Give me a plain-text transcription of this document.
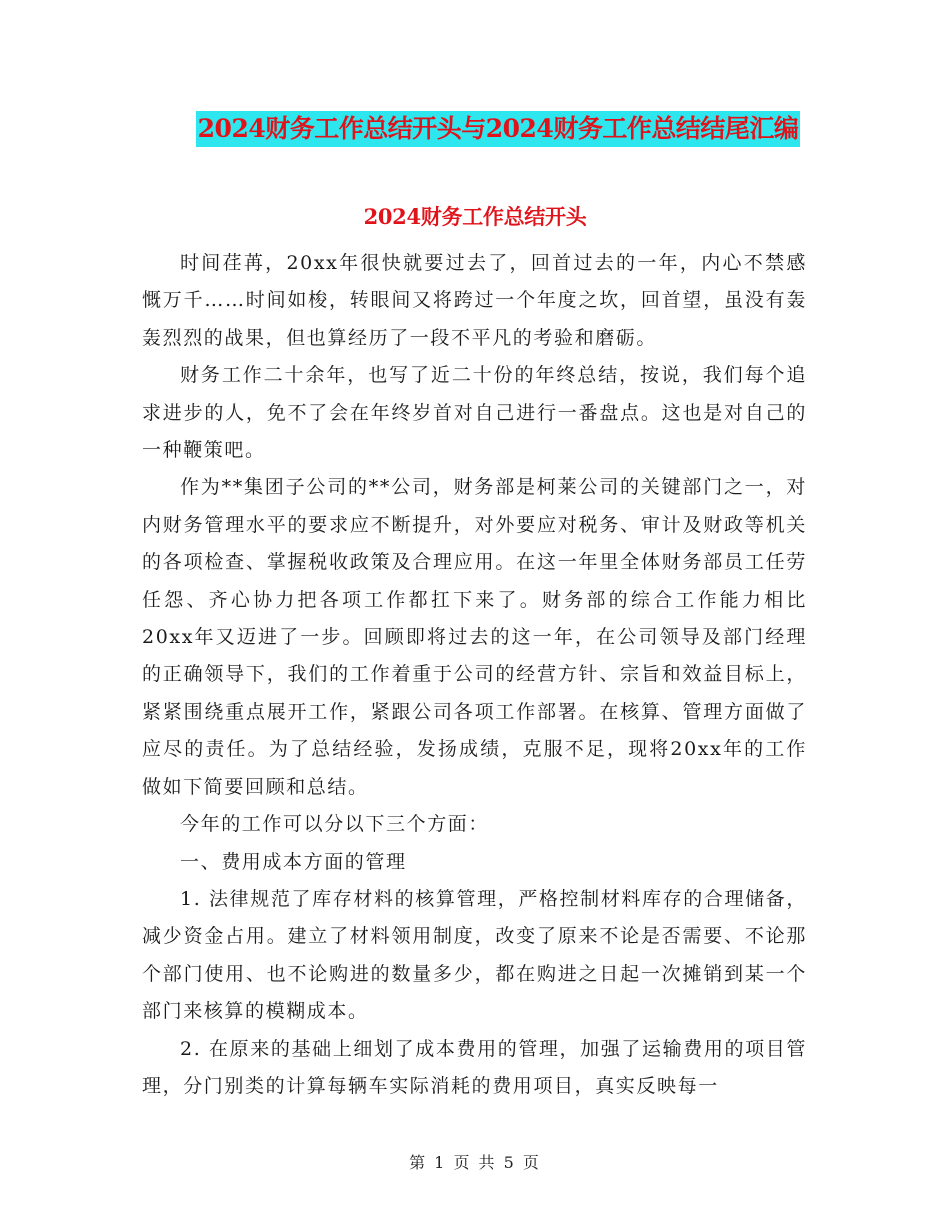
2024财务工作总结开头与2024财务工作总结结尾汇编
2024财务工作总结开头

时间荏苒，20xx年很快就要过去了，回首过去的一年，内心不禁感慨万千……时间如梭，转眼间又将跨过一个年度之坎，回首望，虽没有轰轰烈烈的战果，但也算经历了一段不平凡的考验和磨砺。

财务工作二十余年，也写了近二十份的年终总结，按说，我们每个追求进步的人，免不了会在年终岁首对自己进行一番盘点。这也是对自己的一种鞭策吧。

作为**集团子公司的**公司，财务部是柯莱公司的关键部门之一，对内财务管理水平的要求应不断提升，对外要应对税务、审计及财政等机关的各项检查、掌握税收政策及合理应用。在这一年里全体财务部员工任劳任怨、齐心协力把各项工作都扛下来了。财务部的综合工作能力相比20xx年又迈进了一步。回顾即将过去的这一年，在公司领导及部门经理的正确领导下，我们的工作着重于公司的经营方针、宗旨和效益目标上，紧紧围绕重点展开工作，紧跟公司各项工作部署。在核算、管理方面做了应尽的责任。为了总结经验，发扬成绩，克服不足，现将20xx年的工作做如下简要回顾和总结。

今年的工作可以分以下三个方面：

一、费用成本方面的管理

1. 法律规范了库存材料的核算管理，严格控制材料库存的合理储备，减少资金占用。建立了材料领用制度，改变了原来不论是否需要、不论那个部门使用、也不论购进的数量多少，都在购进之日起一次摊销到某一个部门来核算的模糊成本。

2. 在原来的基础上细划了成本费用的管理，加强了运输费用的项目管理，分门别类的计算每辆车实际消耗的费用项目，真实反映每一

第 1 页 共 5 页
